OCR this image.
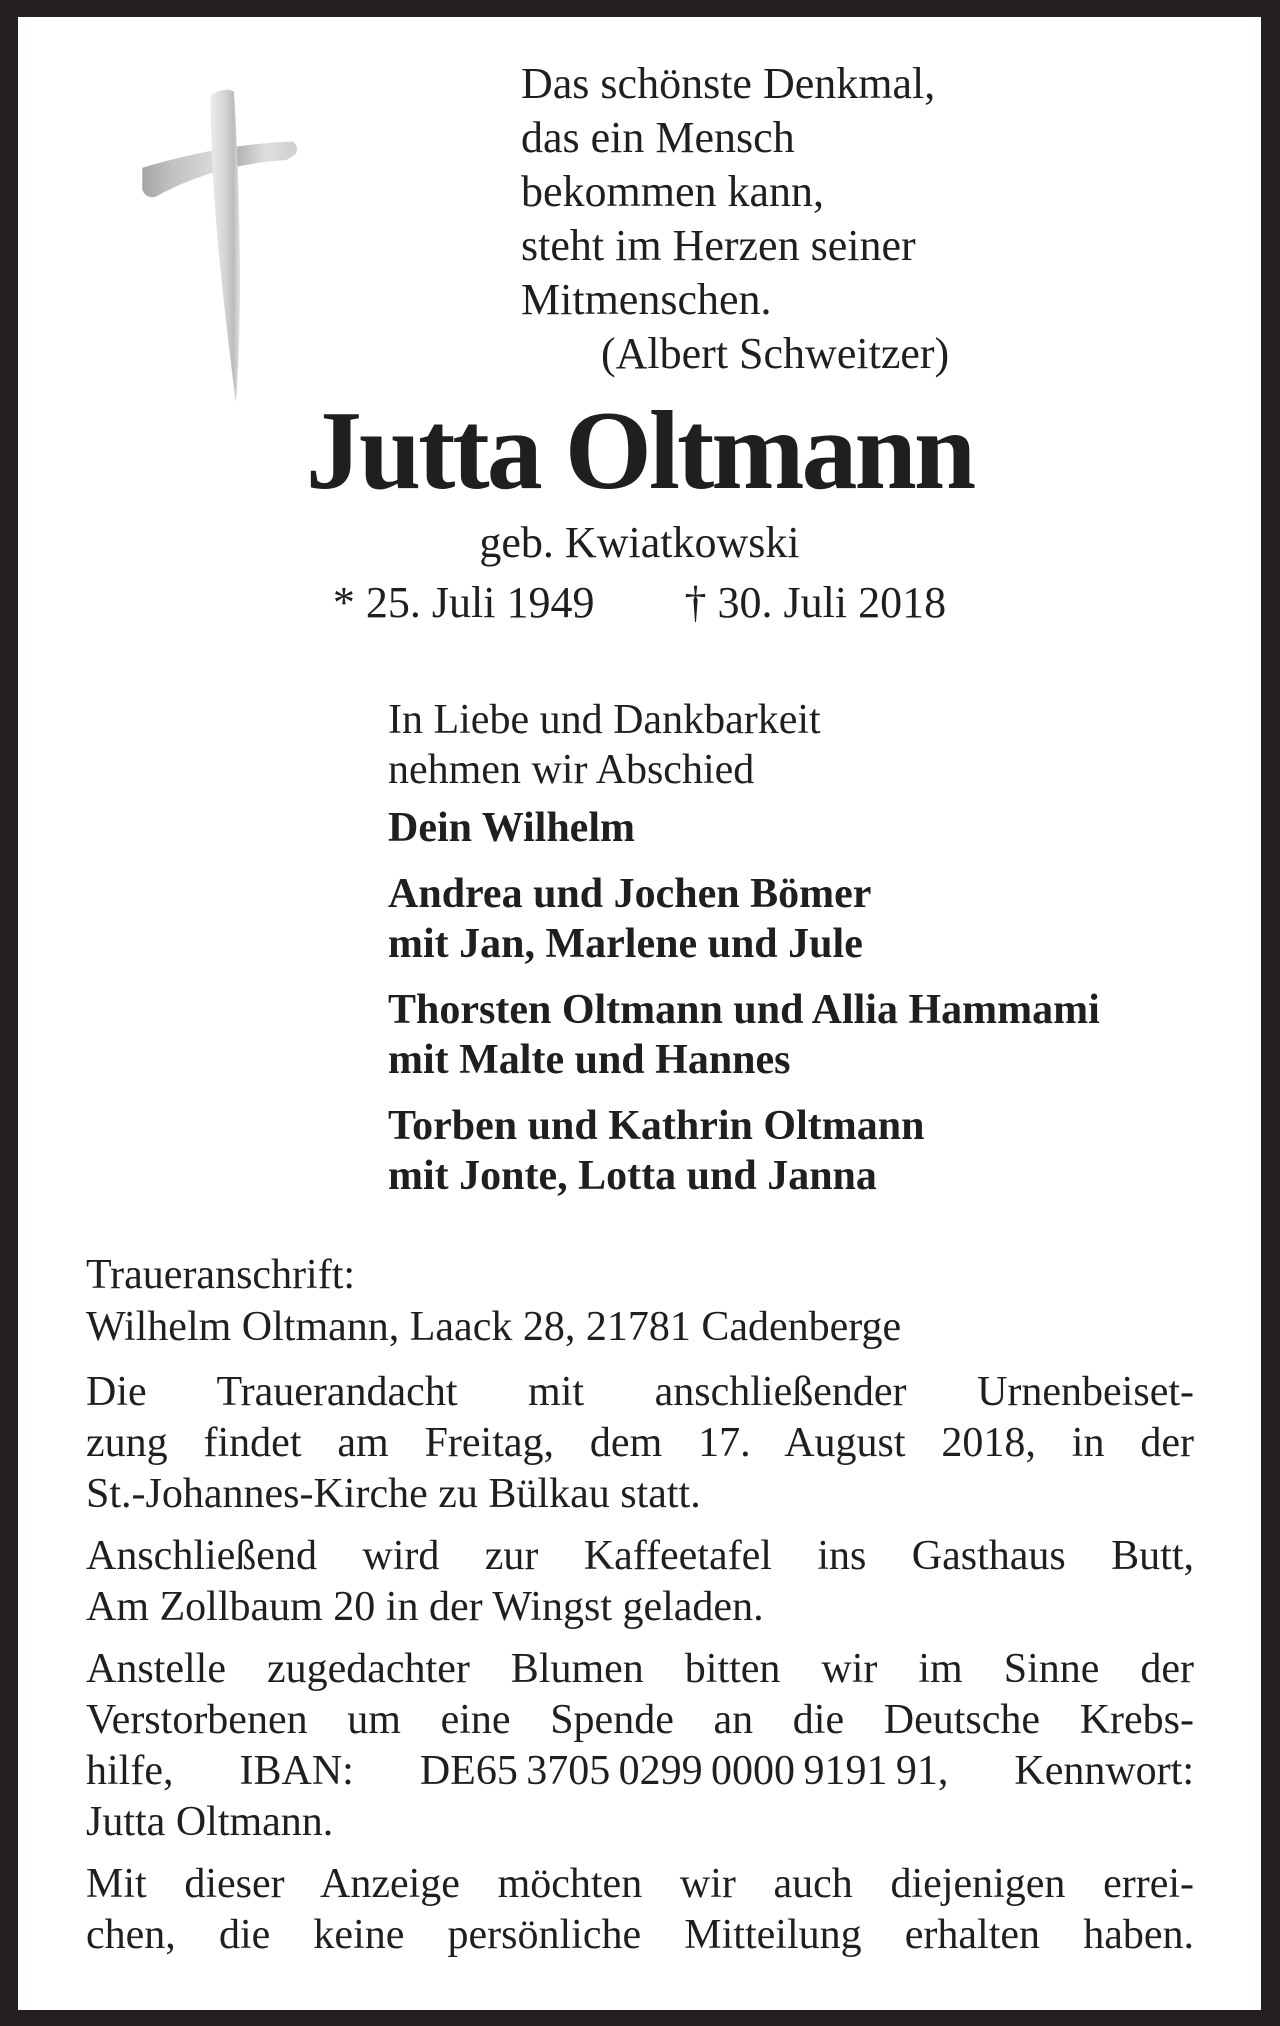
Das schönste Denkmal,
das ein Mensch
bekommen kann,
steht im Herzen seiner
Mitmenschen.
(Albert Schweitzer)
Jutta Oltmann
geb. Kwiatkowski
* 25. Juli 1949 † 30. Juli 2018
In Liebe und Dankbarkeit
nehmen wir Abschied
Dein Wilhelm
Andrea und Jochen Bömer
mit Jan, Marlene und Jule
Thorsten Oltmann und Allia Hammami
mit Malte und Hannes
Torben und Kathrin Oltmann
mit Jonte, Lotta und Janna
Traueranschrift:
Wilhelm Oltmann, Laack 28, 21781 Cadenberge

Die Trauerandacht mit anschließender Urnenbeiset-
zung findet am Freitag, dem 17. August 2018, in der
St.-Johannes-Kirche zu Bülkau statt.

Anschließend wird zur Kaffeetafel ins Gasthaus Butt,
Am Zollbaum 20 in der Wingst geladen.

Anstelle zugedachter Blumen bitten wir im Sinne der
Verstorbenen um eine Spende an die Deutsche Krebs-
hilfe, IBAN: DE65 3705 0299 0000 9191 91, Kennwort:
Jutta Oltmann.

Mit dieser Anzeige möchten wir auch diejenigen errei-
chen, die keine persönliche Mitteilung erhalten haben.
